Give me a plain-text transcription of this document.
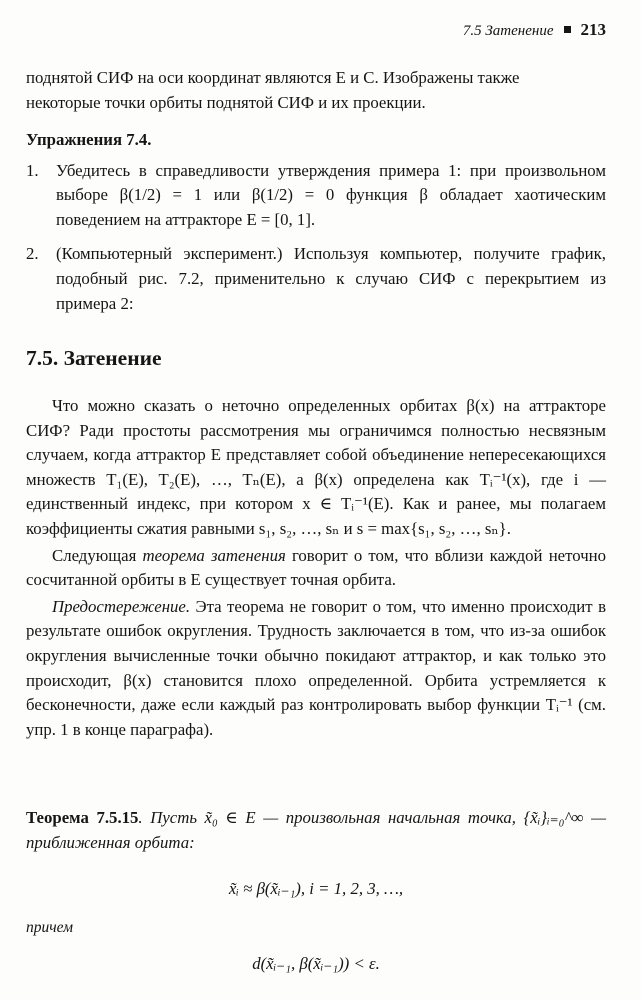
7.5 Затенение 213

поднятой СИФ на оси координат являются E и C. Изображены также

некоторые точки орбиты поднятой СИФ и их проекции.

Упражнения 7.4.

1.	Убедитесь в справедливости утверждения примера 1: при произвольном выборе β(1/2) = 1 или β(1/2) = 0 функция β обладает хаотическим поведением на аттракторе E = [0, 1].
2.	(Компьютерный эксперимент.) Используя компьютер, получите график, подобный рис. 7.2, применительно к случаю СИФ с перекрытием из примера 2:
7.5. Затенение

Что можно сказать о неточно определенных орбитах β(x) на аттракторе СИФ? Ради простоты рассмотрения мы ограничимся полностью несвязным случаем, когда аттрактор E представляет собой объединение непересекающихся множеств T₁(E), T₂(E), …, Tₙ(E), а β(x) определена как Tᵢ⁻¹(x), где i — единственный индекс, при котором x ∈ Tᵢ⁻¹(E). Как и ранее, мы полагаем коэффициенты сжатия равными s₁, s₂, …, sₙ и s = max{s₁, s₂, …, sₙ}.

Следующая теорема затенения говорит о том, что вблизи каждой неточно сосчитанной орбиты в E существует точная орбита.

Предостережение. Эта теорема не говорит о том, что именно происходит в результате ошибок округления. Трудность заключается в том, что из-за ошибок округления вычисленные точки обычно покидают аттрактор, и как только это происходит, β(x) становится плохо определенной. Орбита устремляется к бесконечности, даже если каждый раз контролировать выбор функции Tᵢ⁻¹ (см. упр. 1 в конце параграфа).

Теорема 7.5.15. Пусть x̃₀ ∈ E — произвольная начальная точка, {x̃ᵢ}ᵢ₌₀^∞ — приближенная орбита:

x̃ᵢ ≈ β(x̃ᵢ₋₁), i = 1, 2, 3, …,

причем

d(x̃ᵢ₋₁, β(x̃ᵢ₋₁)) < ε.
